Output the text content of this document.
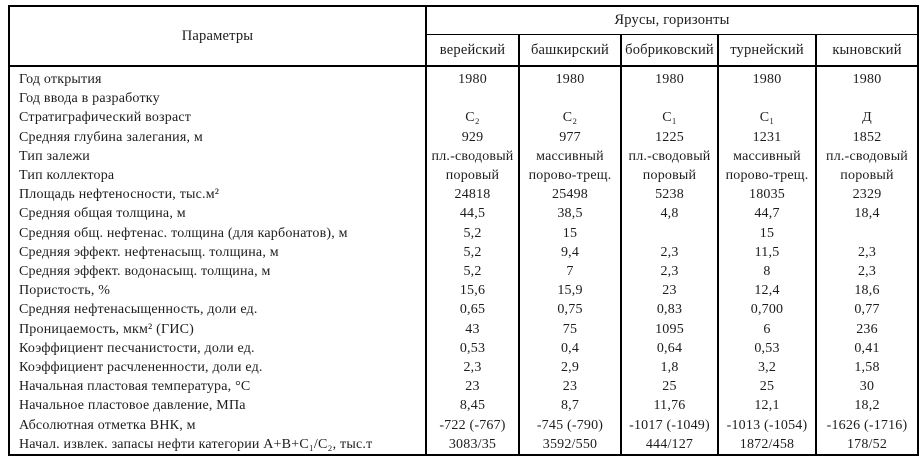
Параметры	Ярусы, горизонты				
	верейский	башкирский	бобриковский	турнейский	кыновский
Год открытия	1980	1980	1980	1980	1980
Год ввода в разработку					
Стратиграфический возраст	С₂	С₂	С₁	С₁	Д
Средняя глубина залегания, м	929	977	1225	1231	1852
Тип залежи	пл.-сводовый	массивный	пл.-сводовый	массивный	пл.-сводовый
Тип коллектора	поровый	порово-трещ.	поровый	порово-трещ.	поровый
Площадь нефтеносности, тыс.м²	24818	25498	5238	18035	2329
Средняя общая толщина, м	44,5	38,5	4,8	44,7	18,4
Средняя общ. нефтенас. толщина (для карбонатов), м	5,2	15		15	
Средняя эффект. нефтенасыщ. толщина, м	5,2	9,4	2,3	11,5	2,3
Средняя эффект. водонасыщ. толщина, м	5,2	7	2,3	8	2,3
Пористость, %	15,6	15,9	23	12,4	18,6
Средняя нефтенасыщенность, доли ед.	0,65	0,75	0,83	0,700	0,77
Проницаемость, мкм² (ГИС)	43	75	1095	6	236
Коэффициент песчанистости, доли ед.	0,53	0,4	0,64	0,53	0,41
Коэффициент расчлененности, доли ед.	2,3	2,9	1,8	3,2	1,58
Начальная пластовая температура, °С	23	23	25	25	30
Начальное пластовое давление, МПа	8,45	8,7	11,76	12,1	18,2
Абсолютная отметка ВНК, м	-722 (-767)	-745 (-790)	-1017 (-1049)	-1013 (-1054)	-1626 (-1716)
Начал. извлек. запасы нефти категории А+В+С₁/С₂, тыс.т	3083/35	3592/550	444/127	1872/458	178/52
